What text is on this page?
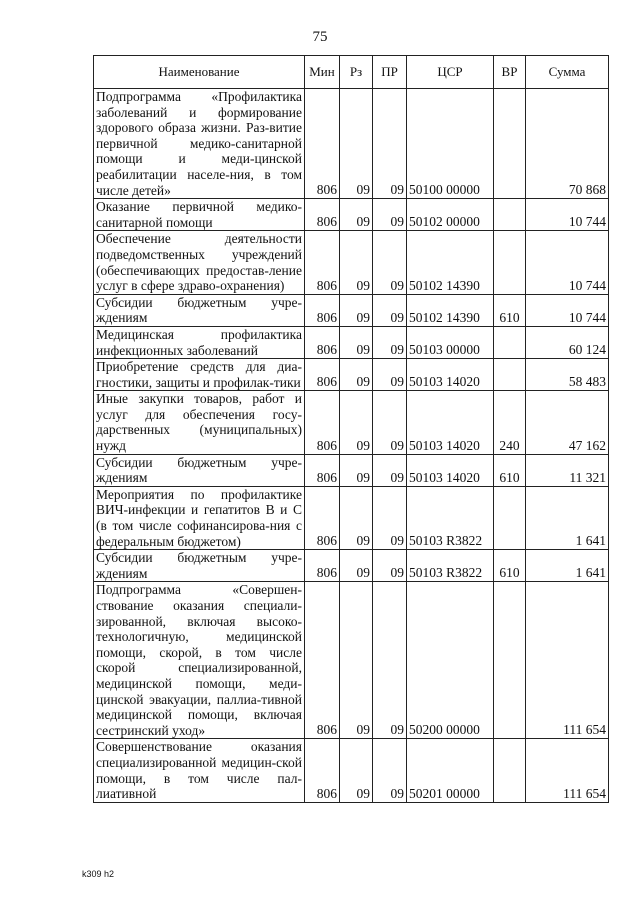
75
Наименование	Мин	Рз	ПР	ЦСР	ВР	Сумма
Подпрограмма «Профилактика заболеваний и формирование здорового образа жизни. Раз-витие первичной медико-санитарной помощи и меди-цинской реабилитации населе-ния, в том числе детей»	806	09	09	50100 00000		70 868
Оказание первичной медико-санитарной помощи	806	09	09	50102 00000		10 744
Обеспечение деятельности подведомственных учреждений (обеспечивающих предостав-ление услуг в сфере здраво-охранения)	806	09	09	50102 14390		10 744
Субсидии бюджетным учре-ждениям	806	09	09	50102 14390	610	10 744
Медицинская профилактика инфекционных заболеваний	806	09	09	50103 00000		60 124
Приобретение средств для диа-гностики, защиты и профилак-тики	806	09	09	50103 14020		58 483
Иные закупки товаров, работ и услуг для обеспечения госу-дарственных (муниципальных) нужд	806	09	09	50103 14020	240	47 162
Субсидии бюджетным учре-ждениям	806	09	09	50103 14020	610	11 321
Мероприятия по профилактике ВИЧ-инфекции и гепатитов В и С (в том числе софинансирова-ния с федеральным бюджетом)	806	09	09	50103 R3822		1 641
Субсидии бюджетным учре-ждениям	806	09	09	50103 R3822	610	1 641
Подпрограмма «Совершен-ствование оказания специали-зированной, включая высоко-технологичную, медицинской помощи, скорой, в том числе скорой специализированной, медицинской помощи, меди-цинской эвакуации, паллиа-тивной медицинской помощи, включая сестринский уход»	806	09	09	50200 00000		111 654
Совершенствование оказания специализированной медицин-ской помощи, в том числе пал-лиативной	806	09	09	50201 00000		111 654
k309 h2
